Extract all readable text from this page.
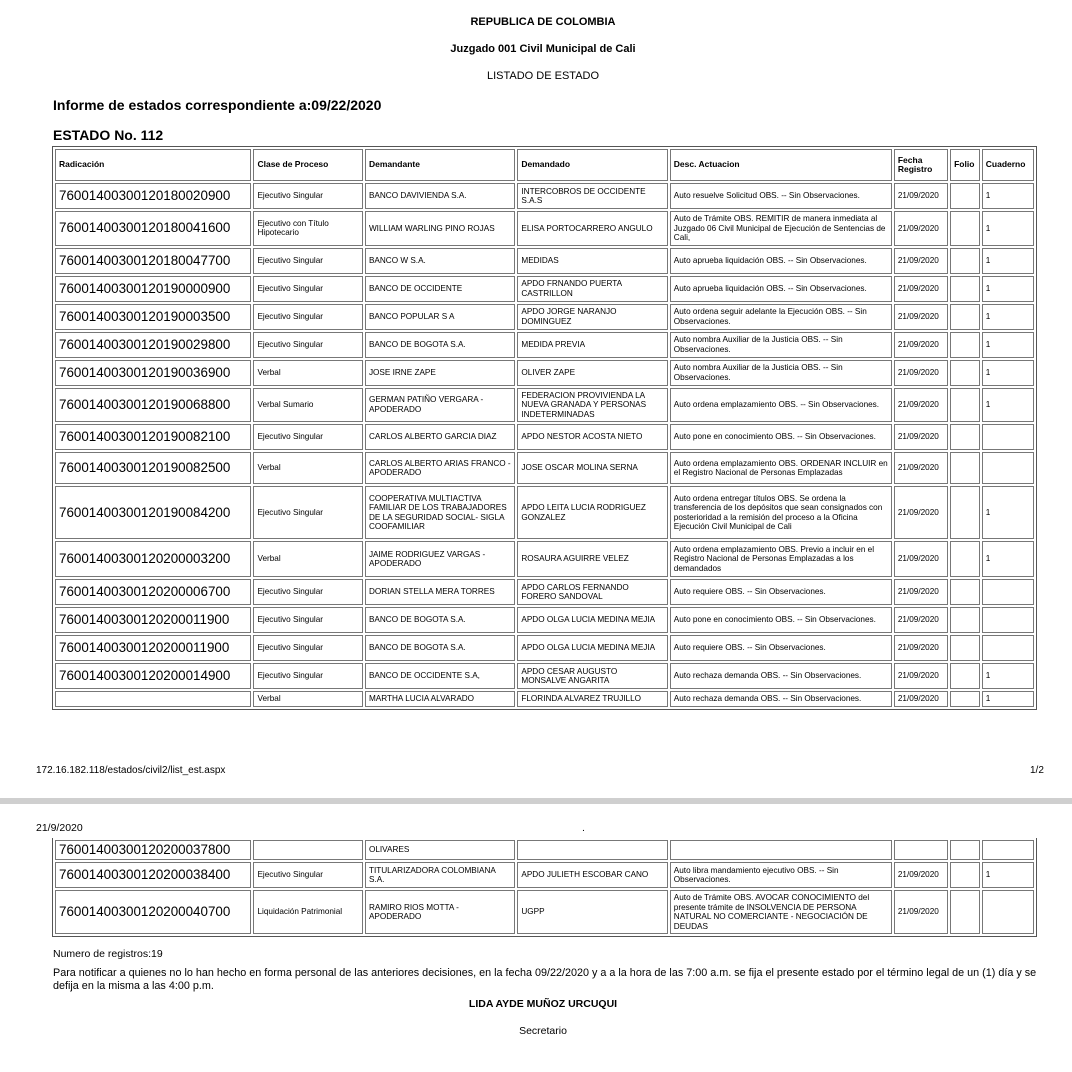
REPUBLICA DE COLOMBIA
Juzgado 001 Civil Municipal de Cali
LISTADO DE ESTADO
Informe de estados correspondiente a:09/22/2020
ESTADO No. 112
Radicación	Clase de Proceso	Demandante	Demandado	Desc. Actuacion	Fecha Registro	Folio	Cuaderno
76001400300120180020900	Ejecutivo Singular	BANCO DAVIVIENDA S.A.	INTERCOBROS DE OCCIDENTE S.A.S	Auto resuelve Solicitud OBS. -- Sin Observaciones.	21/09/2020		1
76001400300120180041600	Ejecutivo con Título Hipotecario	WILLIAM WARLING PINO ROJAS	ELISA PORTOCARRERO ANGULO	Auto de Trámite OBS. REMITIR de manera inmediata al Juzgado 06 Civil Municipal de Ejecución de Sentencias de Cali,	21/09/2020		1
76001400300120180047700	Ejecutivo Singular	BANCO W S.A.	MEDIDAS	Auto aprueba liquidación OBS. -- Sin Observaciones.	21/09/2020		1
76001400300120190000900	Ejecutivo Singular	BANCO DE OCCIDENTE	APDO FRNANDO PUERTA CASTRILLON	Auto aprueba liquidación OBS. -- Sin Observaciones.	21/09/2020		1
76001400300120190003500	Ejecutivo Singular	BANCO POPULAR S A	APDO JORGE NARANJO DOMINGUEZ	Auto ordena seguir adelante la Ejecución OBS. -- Sin Observaciones.	21/09/2020		1
76001400300120190029800	Ejecutivo Singular	BANCO DE BOGOTA S.A.	MEDIDA PREVIA	Auto nombra Auxiliar de la Justicia OBS. -- Sin Observaciones.	21/09/2020		1
76001400300120190036900	Verbal	JOSE IRNE ZAPE	OLIVER ZAPE	Auto nombra Auxiliar de la Justicia OBS. -- Sin Observaciones.	21/09/2020		1
76001400300120190068800	Verbal Sumario	GERMAN PATIÑO VERGARA - APODERADO	FEDERACION PROVIVIENDA LA NUEVA GRANADA Y PERSONAS INDETERMINADAS	Auto ordena emplazamiento OBS. -- Sin Observaciones.	21/09/2020		1
76001400300120190082100	Ejecutivo Singular	CARLOS ALBERTO GARCIA DIAZ	APDO NESTOR ACOSTA NIETO	Auto pone en conocimiento OBS. -- Sin Observaciones.	21/09/2020		
76001400300120190082500	Verbal	CARLOS ALBERTO ARIAS FRANCO - APODERADO	JOSE OSCAR MOLINA SERNA	Auto ordena emplazamiento OBS. ORDENAR INCLUIR en el Registro Nacional de Personas Emplazadas	21/09/2020		
76001400300120190084200	Ejecutivo Singular	COOPERATIVA MULTIACTIVA FAMILIAR DE LOS TRABAJADORES DE LA SEGURIDAD SOCIAL- SIGLA COOFAMILIAR	APDO LEITA LUCIA RODRIGUEZ GONZALEZ	Auto ordena entregar títulos OBS. Se ordena la transferencia de los depósitos que sean consignados con posterioridad a la remisión del proceso a la Oficina Ejecución Civil Municipal de Cali	21/09/2020		1
76001400300120200003200	Verbal	JAIME RODRIGUEZ VARGAS - APODERADO	ROSAURA AGUIRRE VELEZ	Auto ordena emplazamiento OBS. Previo a incluir en el Registro Nacional de Personas Emplazadas a los demandados	21/09/2020		1
76001400300120200006700	Ejecutivo Singular	DORIAN STELLA MERA TORRES	APDO CARLOS FERNANDO FORERO SANDOVAL	Auto requiere OBS. -- Sin Observaciones.	21/09/2020		
76001400300120200011900	Ejecutivo Singular	BANCO DE BOGOTA S.A.	APDO OLGA LUCIA MEDINA MEJIA	Auto pone en conocimiento OBS. -- Sin Observaciones.	21/09/2020		
76001400300120200011900	Ejecutivo Singular	BANCO DE BOGOTA S.A.	APDO OLGA LUCIA MEDINA MEJIA	Auto requiere OBS. -- Sin Observaciones.	21/09/2020		
76001400300120200014900	Ejecutivo Singular	BANCO DE OCCIDENTE S.A,	APDO CESAR AUGUSTO MONSALVE ANGARITA	Auto rechaza demanda OBS. -- Sin Observaciones.	21/09/2020		1
	Verbal	MARTHA LUCIA ALVARADO	FLORINDA ALVAREZ TRUJILLO	Auto rechaza demanda OBS. -- Sin Observaciones.	21/09/2020		1
172.16.182.118/estados/civil2/list_est.aspx	1/2
21/9/2020	.
76001400300120200037800		OLIVARES					
76001400300120200038400	Ejecutivo Singular	TITULARIZADORA COLOMBIANA S.A.	APDO JULIETH ESCOBAR CANO	Auto libra mandamiento ejecutivo OBS. -- Sin Observaciones.	21/09/2020		1
76001400300120200040700	Liquidación Patrimonial	RAMIRO RIOS MOTTA - APODERADO	UGPP	Auto de Trámite OBS. AVOCAR CONOCIMIENTO del presente trámite de INSOLVENCIA DE PERSONA NATURAL NO COMERCIANTE - NEGOCIACIÓN DE DEUDAS	21/09/2020		
Numero de registros:19
Para notificar a quienes no lo han hecho en forma personal de las anteriores decisiones, en la fecha 09/22/2020 y a a la hora de las 7:00 a.m. se fija el presente estado por el término legal de un (1) día y se defija en la misma a las 4:00 p.m.
LIDA AYDE MUÑOZ URCUQUI
Secretario
